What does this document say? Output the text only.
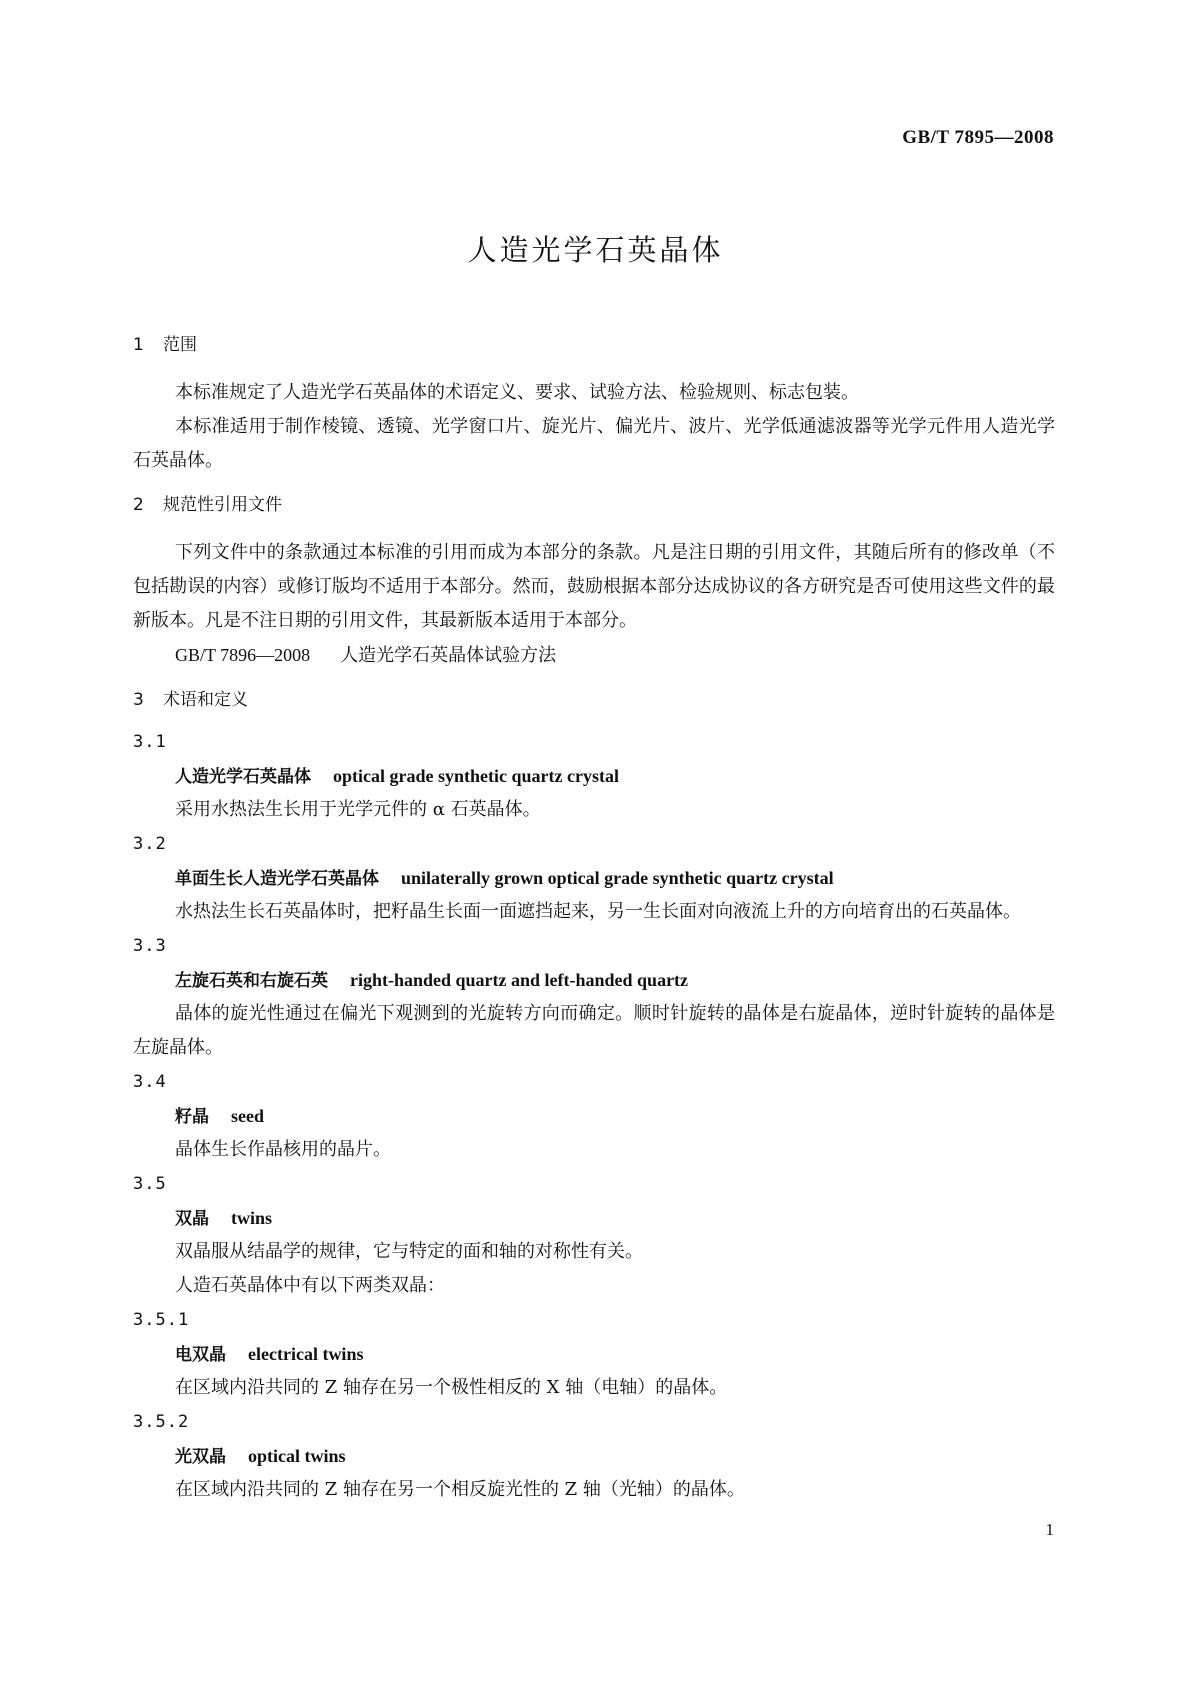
GB/T 7895—2008
人造光学石英晶体
1 范围
本标准规定了人造光学石英晶体的术语定义、要求、试验方法、检验规则、标志包装。
本标准适用于制作棱镜、透镜、光学窗口片、旋光片、偏光片、波片、光学低通滤波器等光学元件用人造光学石英晶体。
2 规范性引用文件
下列文件中的条款通过本标准的引用而成为本部分的条款。凡是注日期的引用文件，其随后所有的修改单（不包括勘误的内容）或修订版均不适用于本部分。然而，鼓励根据本部分达成协议的各方研究是否可使用这些文件的最新版本。凡是不注日期的引用文件，其最新版本适用于本部分。
GB/T 7896—2008 人造光学石英晶体试验方法
3 术语和定义
3.1
人造光学石英晶体 optical grade synthetic quartz crystal
采用水热法生长用于光学元件的 α 石英晶体。
3.2
单面生长人造光学石英晶体 unilaterally grown optical grade synthetic quartz crystal
水热法生长石英晶体时，把籽晶生长面一面遮挡起来，另一生长面对向液流上升的方向培育出的石英晶体。
3.3
左旋石英和右旋石英 right-handed quartz and left-handed quartz
晶体的旋光性通过在偏光下观测到的光旋转方向而确定。顺时针旋转的晶体是右旋晶体，逆时针旋转的晶体是左旋晶体。
3.4
籽晶 seed
晶体生长作晶核用的晶片。
3.5
双晶 twins
双晶服从结晶学的规律，它与特定的面和轴的对称性有关。
人造石英晶体中有以下两类双晶：
3.5.1
电双晶 electrical twins
在区域内沿共同的 Z 轴存在另一个极性相反的 X 轴（电轴）的晶体。
3.5.2
光双晶 optical twins
在区域内沿共同的 Z 轴存在另一个相反旋光性的 Z 轴（光轴）的晶体。
1
